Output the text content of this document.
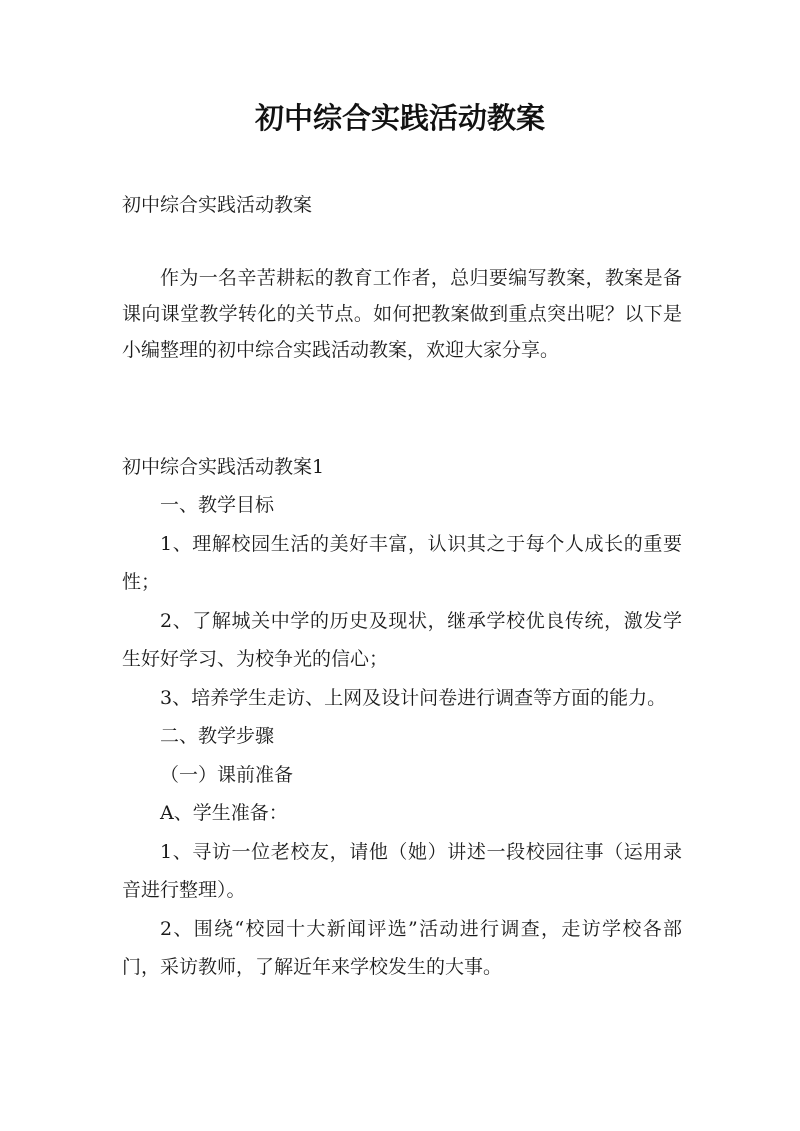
初中综合实践活动教案

初中综合实践活动教案

作为一名辛苦耕耘的教育工作者，总归要编写教案，教案是备课向课堂教学转化的关节点。如何把教案做到重点突出呢？以下是小编整理的初中综合实践活动教案，欢迎大家分享。

初中综合实践活动教案1

一、教学目标

1、理解校园生活的美好丰富，认识其之于每个人成长的重要性；

2、了解城关中学的历史及现状，继承学校优良传统，激发学生好好学习、为校争光的信心；

3、培养学生走访、上网及设计问卷进行调查等方面的能力。

二、教学步骤

（一）课前准备

A、学生准备：

1、寻访一位老校友，请他（她）讲述一段校园往事（运用录音进行整理）。

2、围绕“校园十大新闻评选”活动进行调查，走访学校各部门，采访教师，了解近年来学校发生的大事。
